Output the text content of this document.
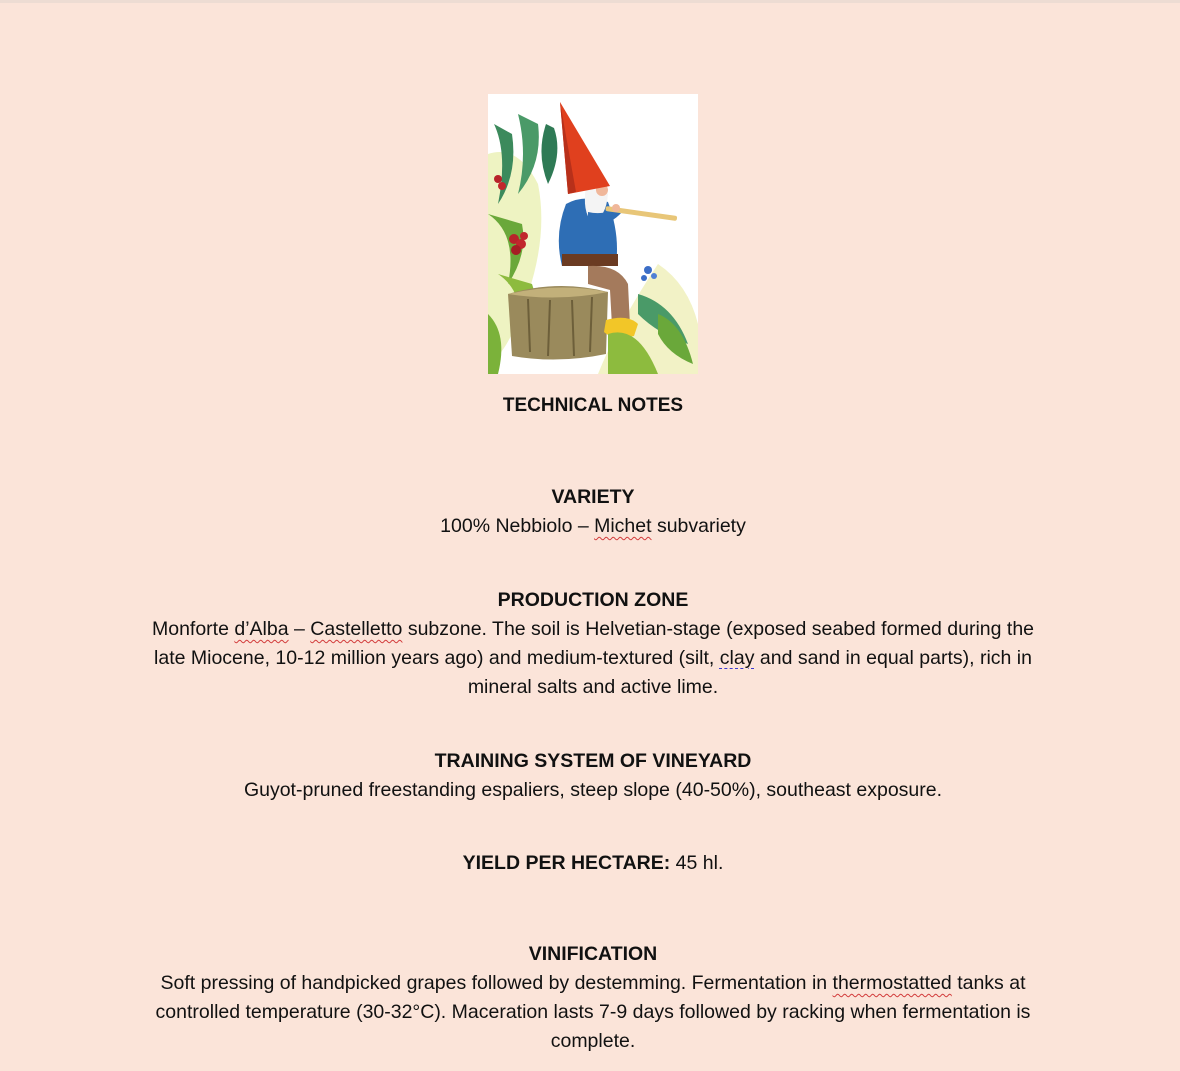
TECHNICAL NOTES
VARIETY
100% Nebbiolo – Michet subvariety
PRODUCTION ZONE
Monforte d’Alba – Castelletto subzone. The soil is Helvetian-stage (exposed seabed formed during the late Miocene, 10-12 million years ago) and medium-textured (silt, clay and sand in equal parts), rich in mineral salts and active lime.
TRAINING SYSTEM OF VINEYARD
Guyot-pruned freestanding espaliers, steep slope (40-50%), southeast exposure.
YIELD PER HECTARE: 45 hl.
VINIFICATION
Soft pressing of handpicked grapes followed by destemming. Fermentation in thermostatted tanks at controlled temperature (30-32°C). Maceration lasts 7-9 days followed by racking when fermentation is complete.
